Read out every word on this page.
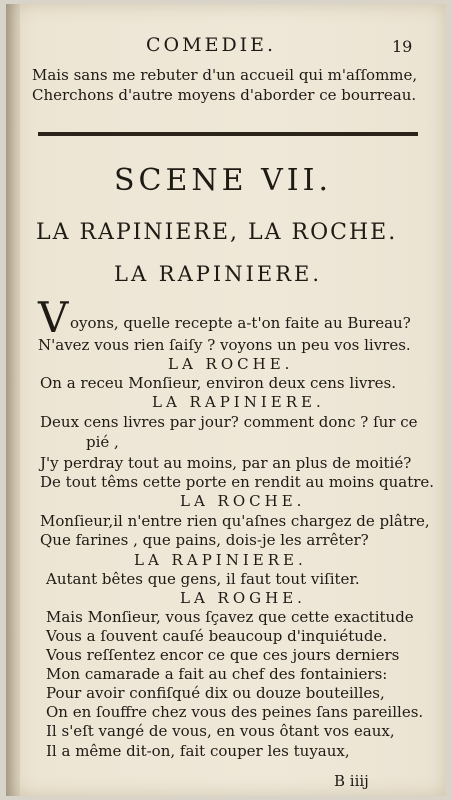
COMEDIE.	19
Mais sans me rebuter d'un accueil qui m'aſſomme,
Cherchons d'autre moyens d'aborder ce bourreau.
SCENE VII.
LA RAPINIERE, LA ROCHE.
LA RAPINIERE.
V oyons, quelle recepte a-t'on faite au Bureau?
N'avez vous rien ſaiſy ? voyons un peu vos livres.
LA ROCHE.
On a receu Monſieur, environ deux cens livres.
LA RAPINIERE.
Deux cens livres par jour? comment donc ? ſur ce
pié ,
J'y perdray tout au moins, par an plus de moitié?
De tout têms cette porte en rendit au moins quatre.
LA ROCHE.
Monſieur,il n'entre rien qu'aſnes chargez de plâtre,
Que farines , que pains, dois-je les arrêter?
LA RAPINIERE.
Autant bêtes que gens, il faut tout viſiter.
LA ROGHE.
Mais Monſieur, vous ſçavez que cette exactitude
Vous a ſouvent cauſé beaucoup d'inquiétude.
Vous reſſentez encor ce que ces jours derniers
Mon camarade a fait au chef des fontainiers:
Pour avoir confiſqué dix ou douze bouteilles,
On en ſouffre chez vous des peines ſans pareilles.
Il s'eſt vangé de vous, en vous ôtant vos eaux,
Il a même dit-on, fait couper les tuyaux,
B iiij
